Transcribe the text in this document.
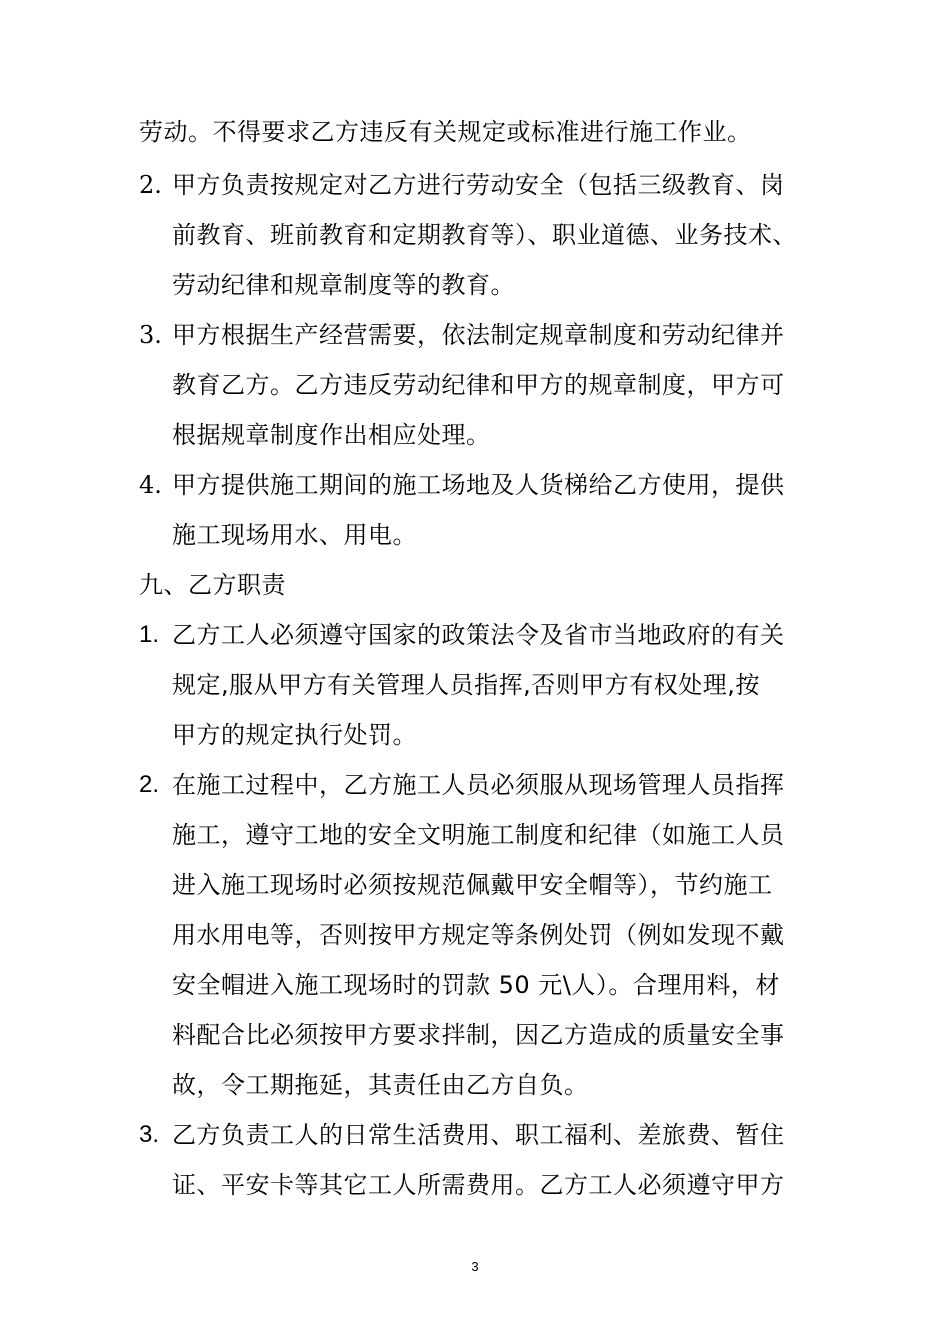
劳动。不得要求乙方违反有关规定或标准进行施工作业。
2. 甲方负责按规定对乙方进行劳动安全（包括三级教育、岗
前教育、班前教育和定期教育等）、职业道德、业务技术、
劳动纪律和规章制度等的教育。
3. 甲方根据生产经营需要，依法制定规章制度和劳动纪律并
教育乙方。乙方违反劳动纪律和甲方的规章制度，甲方可
根据规章制度作出相应处理。
4. 甲方提供施工期间的施工场地及人货梯给乙方使用，提供
施工现场用水、用电。
九、乙方职责
1. 乙方工人必须遵守国家的政策法令及省市当地政府的有关
规定,服从甲方有关管理人员指挥,否则甲方有权处理,按
甲方的规定执行处罚。
2. 在施工过程中，乙方施工人员必须服从现场管理人员指挥
施工，遵守工地的安全文明施工制度和纪律（如施工人员
进入施工现场时必须按规范佩戴甲安全帽等），节约施工
用水用电等，否则按甲方规定等条例处罚（例如发现不戴
安全帽进入施工现场时的罚款 50 元\人）。合理用料，材
料配合比必须按甲方要求拌制，因乙方造成的质量安全事
故，令工期拖延，其责任由乙方自负。
3. 乙方负责工人的日常生活费用、职工福利、差旅费、暂住
证、平安卡等其它工人所需费用。乙方工人必须遵守甲方
3
